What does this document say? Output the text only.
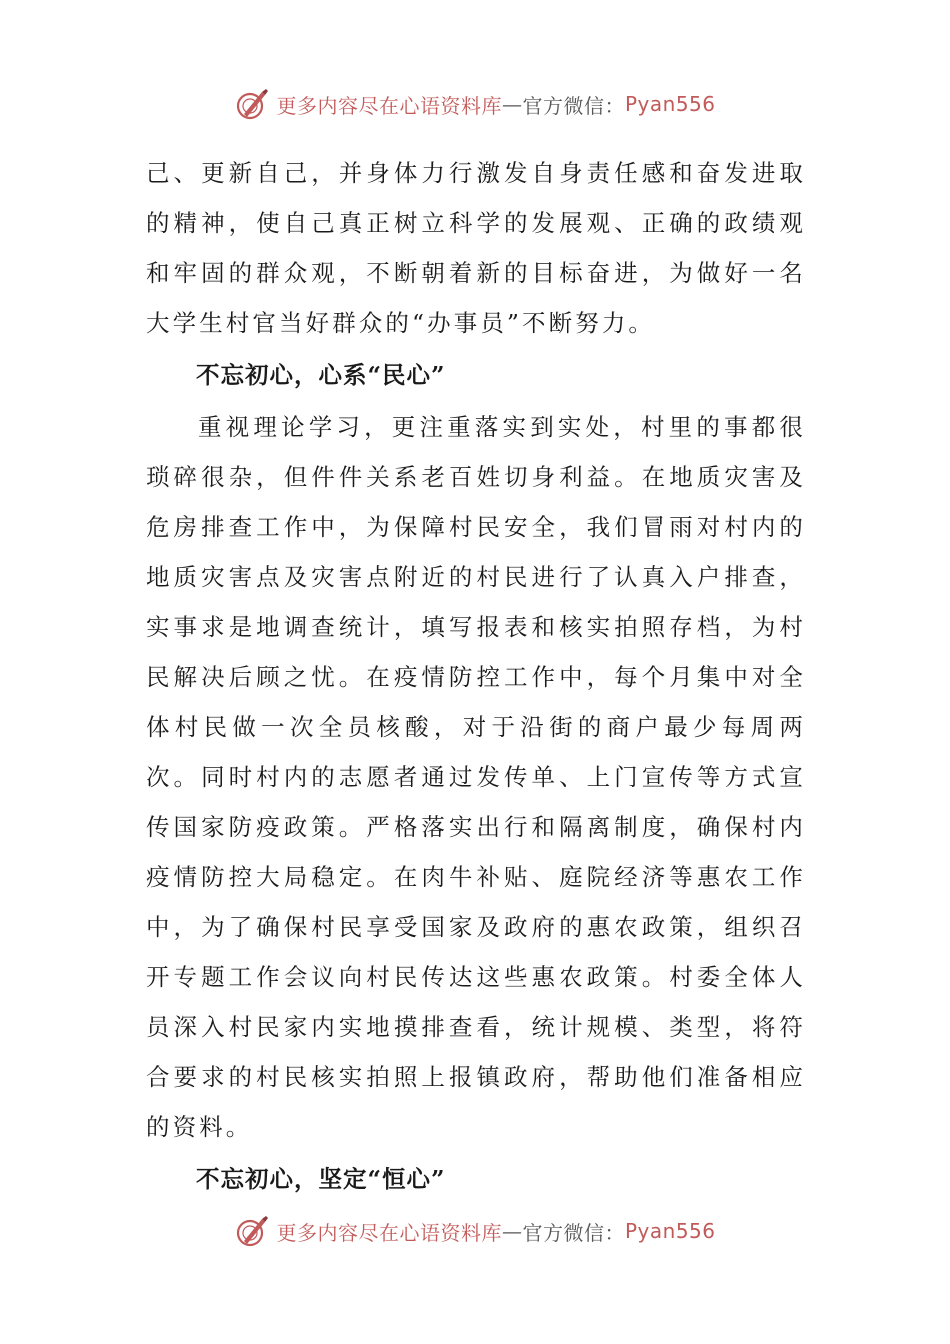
更多内容尽在心语资料库 — 官方微信： Pyan556

己、更新自己，并身体力行激发自身责任感和奋发进取的精神，使自己真正树立科学的发展观、正确的政绩观和牢固的群众观，不断朝着新的目标奋进，为做好一名大学生村官当好群众的“办事员”不断努力。

不忘初心，心系“民心”

重视理论学习，更注重落实到实处，村里的事都很琐碎很杂，但件件关系老百姓切身利益。在地质灾害及危房排查工作中，为保障村民安全，我们冒雨对村内的地质灾害点及灾害点附近的村民进行了认真入户排查，实事求是地调查统计，填写报表和核实拍照存档，为村民解决后顾之忧。在疫情防控工作中，每个月集中对全体村民做一次全员核酸，对于沿街的商户最少每周两次。同时村内的志愿者通过发传单、上门宣传等方式宣传国家防疫政策。严格落实出行和隔离制度，确保村内疫情防控大局稳定。在肉牛补贴、庭院经济等惠农工作中，为了确保村民享受国家及政府的惠农政策，组织召开专题工作会议向村民传达这些惠农政策。村委全体人员深入村民家内实地摸排查看，统计规模、类型，将符合要求的村民核实拍照上报镇政府，帮助他们准备相应的资料。

不忘初心，坚定“恒心”

更多内容尽在心语资料库 — 官方微信： Pyan556
